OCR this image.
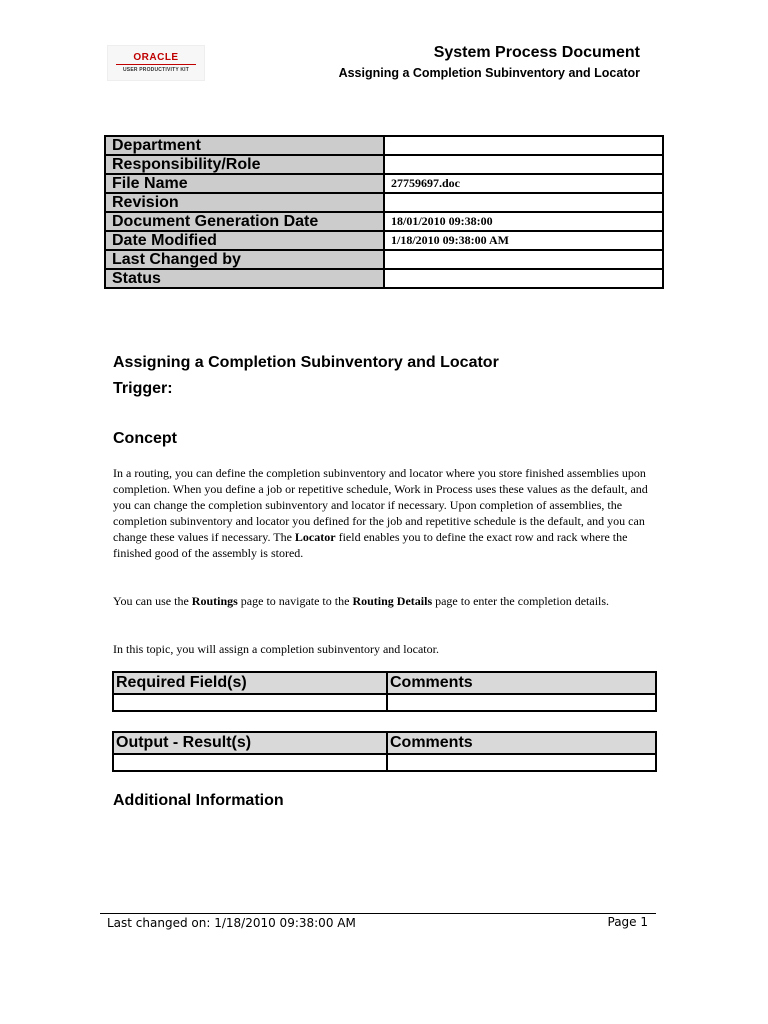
ORACLE
USER PRODUCTIVITY KIT
System Process Document
Assigning a Completion Subinventory and Locator
Department	
Responsibility/Role	
File Name	27759697.doc
Revision	
Document Generation Date	18/01/2010 09:38:00
Date Modified	1/18/2010 09:38:00 AM
Last Changed by	
Status	
Assigning a Completion Subinventory and Locator
Trigger:
Concept
In a routing, you can define the completion subinventory and locator where you store finished assemblies upon completion. When you define a job or repetitive schedule, Work in Process uses these values as the default, and you can change the completion subinventory and locator if necessary. Upon completion of assemblies, the completion subinventory and locator you defined for the job and repetitive schedule is the default, and you can change these values if necessary. The Locator field enables you to define the exact row and rack where the finished good of the assembly is stored.
You can use the Routings page to navigate to the Routing Details page to enter the completion details.
In this topic, you will assign a completion subinventory and locator.
Required Field(s)	Comments

Output - Result(s)	Comments

Additional Information
Last changed on: 1/18/2010 09:38:00 AM	Page 1
